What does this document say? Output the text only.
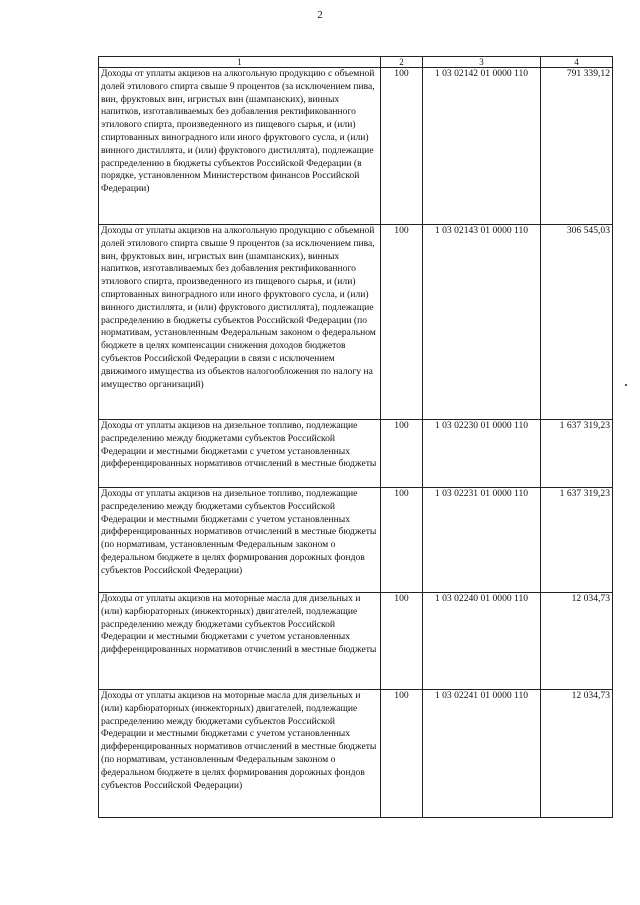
2
1	2	3	4
Доходы от уплаты акцизов на алкогольную продукцию с объемной долей этилового спирта свыше 9 процентов (за исключением пива, вин, фруктовых вин, игристых вин (шампанских), винных напитков, изготавливаемых без добавления ректификованного этилового спирта, произведенного из пищевого сырья, и (или) спиртованных виноградного или иного фруктового сусла, и (или) винного дистиллята, и (или) фруктового дистиллята), подлежащие распределению в бюджеты субъектов Российской Федерации (в порядке, установленном Министерством финансов Российской Федерации)	100	1 03 02142 01 0000 110	791 339,12
Доходы от уплаты акцизов на алкогольную продукцию с объемной долей этилового спирта свыше 9 процентов (за исключением пива, вин, фруктовых вин, игристых вин (шампанских), винных напитков, изготавливаемых без добавления ректификованного этилового спирта, произведенного из пищевого сырья, и (или) спиртованных виноградного или иного фруктового сусла, и (или) винного дистиллята, и (или) фруктового дистиллята), подлежащие распределению в бюджеты субъектов Российской Федерации (по нормативам, установленным Федеральным законом о федеральном бюджете в целях компенсации снижения доходов бюджетов субъектов Российской Федерации в связи с исключением движимого имущества из объектов налогообложения по налогу на имущество организаций)	100	1 03 02143 01 0000 110	306 545,03
Доходы от уплаты акцизов на дизельное топливо, подлежащие распределению между бюджетами субъектов Российской Федерации и местными бюджетами с учетом установленных дифференцированных нормативов отчислений в местные бюджеты	100	1 03 02230 01 0000 110	1 637 319,23
Доходы от уплаты акцизов на дизельное топливо, подлежащие распределению между бюджетами субъектов Российской Федерации и местными бюджетами с учетом установленных дифференцированных нормативов отчислений в местные бюджеты (по нормативам, установленным Федеральным законом о федеральном бюджете в целях формирования дорожных фондов субъектов Российской Федерации)	100	1 03 02231 01 0000 110	1 637 319,23
Доходы от уплаты акцизов на моторные масла для дизельных и (или) карбюраторных (инжекторных) двигателей, подлежащие распределению между бюджетами субъектов Российской Федерации и местными бюджетами с учетом установленных дифференцированных нормативов отчислений в местные бюджеты	100	1 03 02240 01 0000 110	12 034,73
Доходы от уплаты акцизов на моторные масла для дизельных и (или) карбюраторных (инжекторных) двигателей, подлежащие распределению между бюджетами субъектов Российской Федерации и местными бюджетами с учетом установленных дифференцированных нормативов отчислений в местные бюджеты (по нормативам, установленным Федеральным законом о федеральном бюджете в целях формирования дорожных фондов субъектов Российской Федерации)	100	1 03 02241 01 0000 110	12 034,73
